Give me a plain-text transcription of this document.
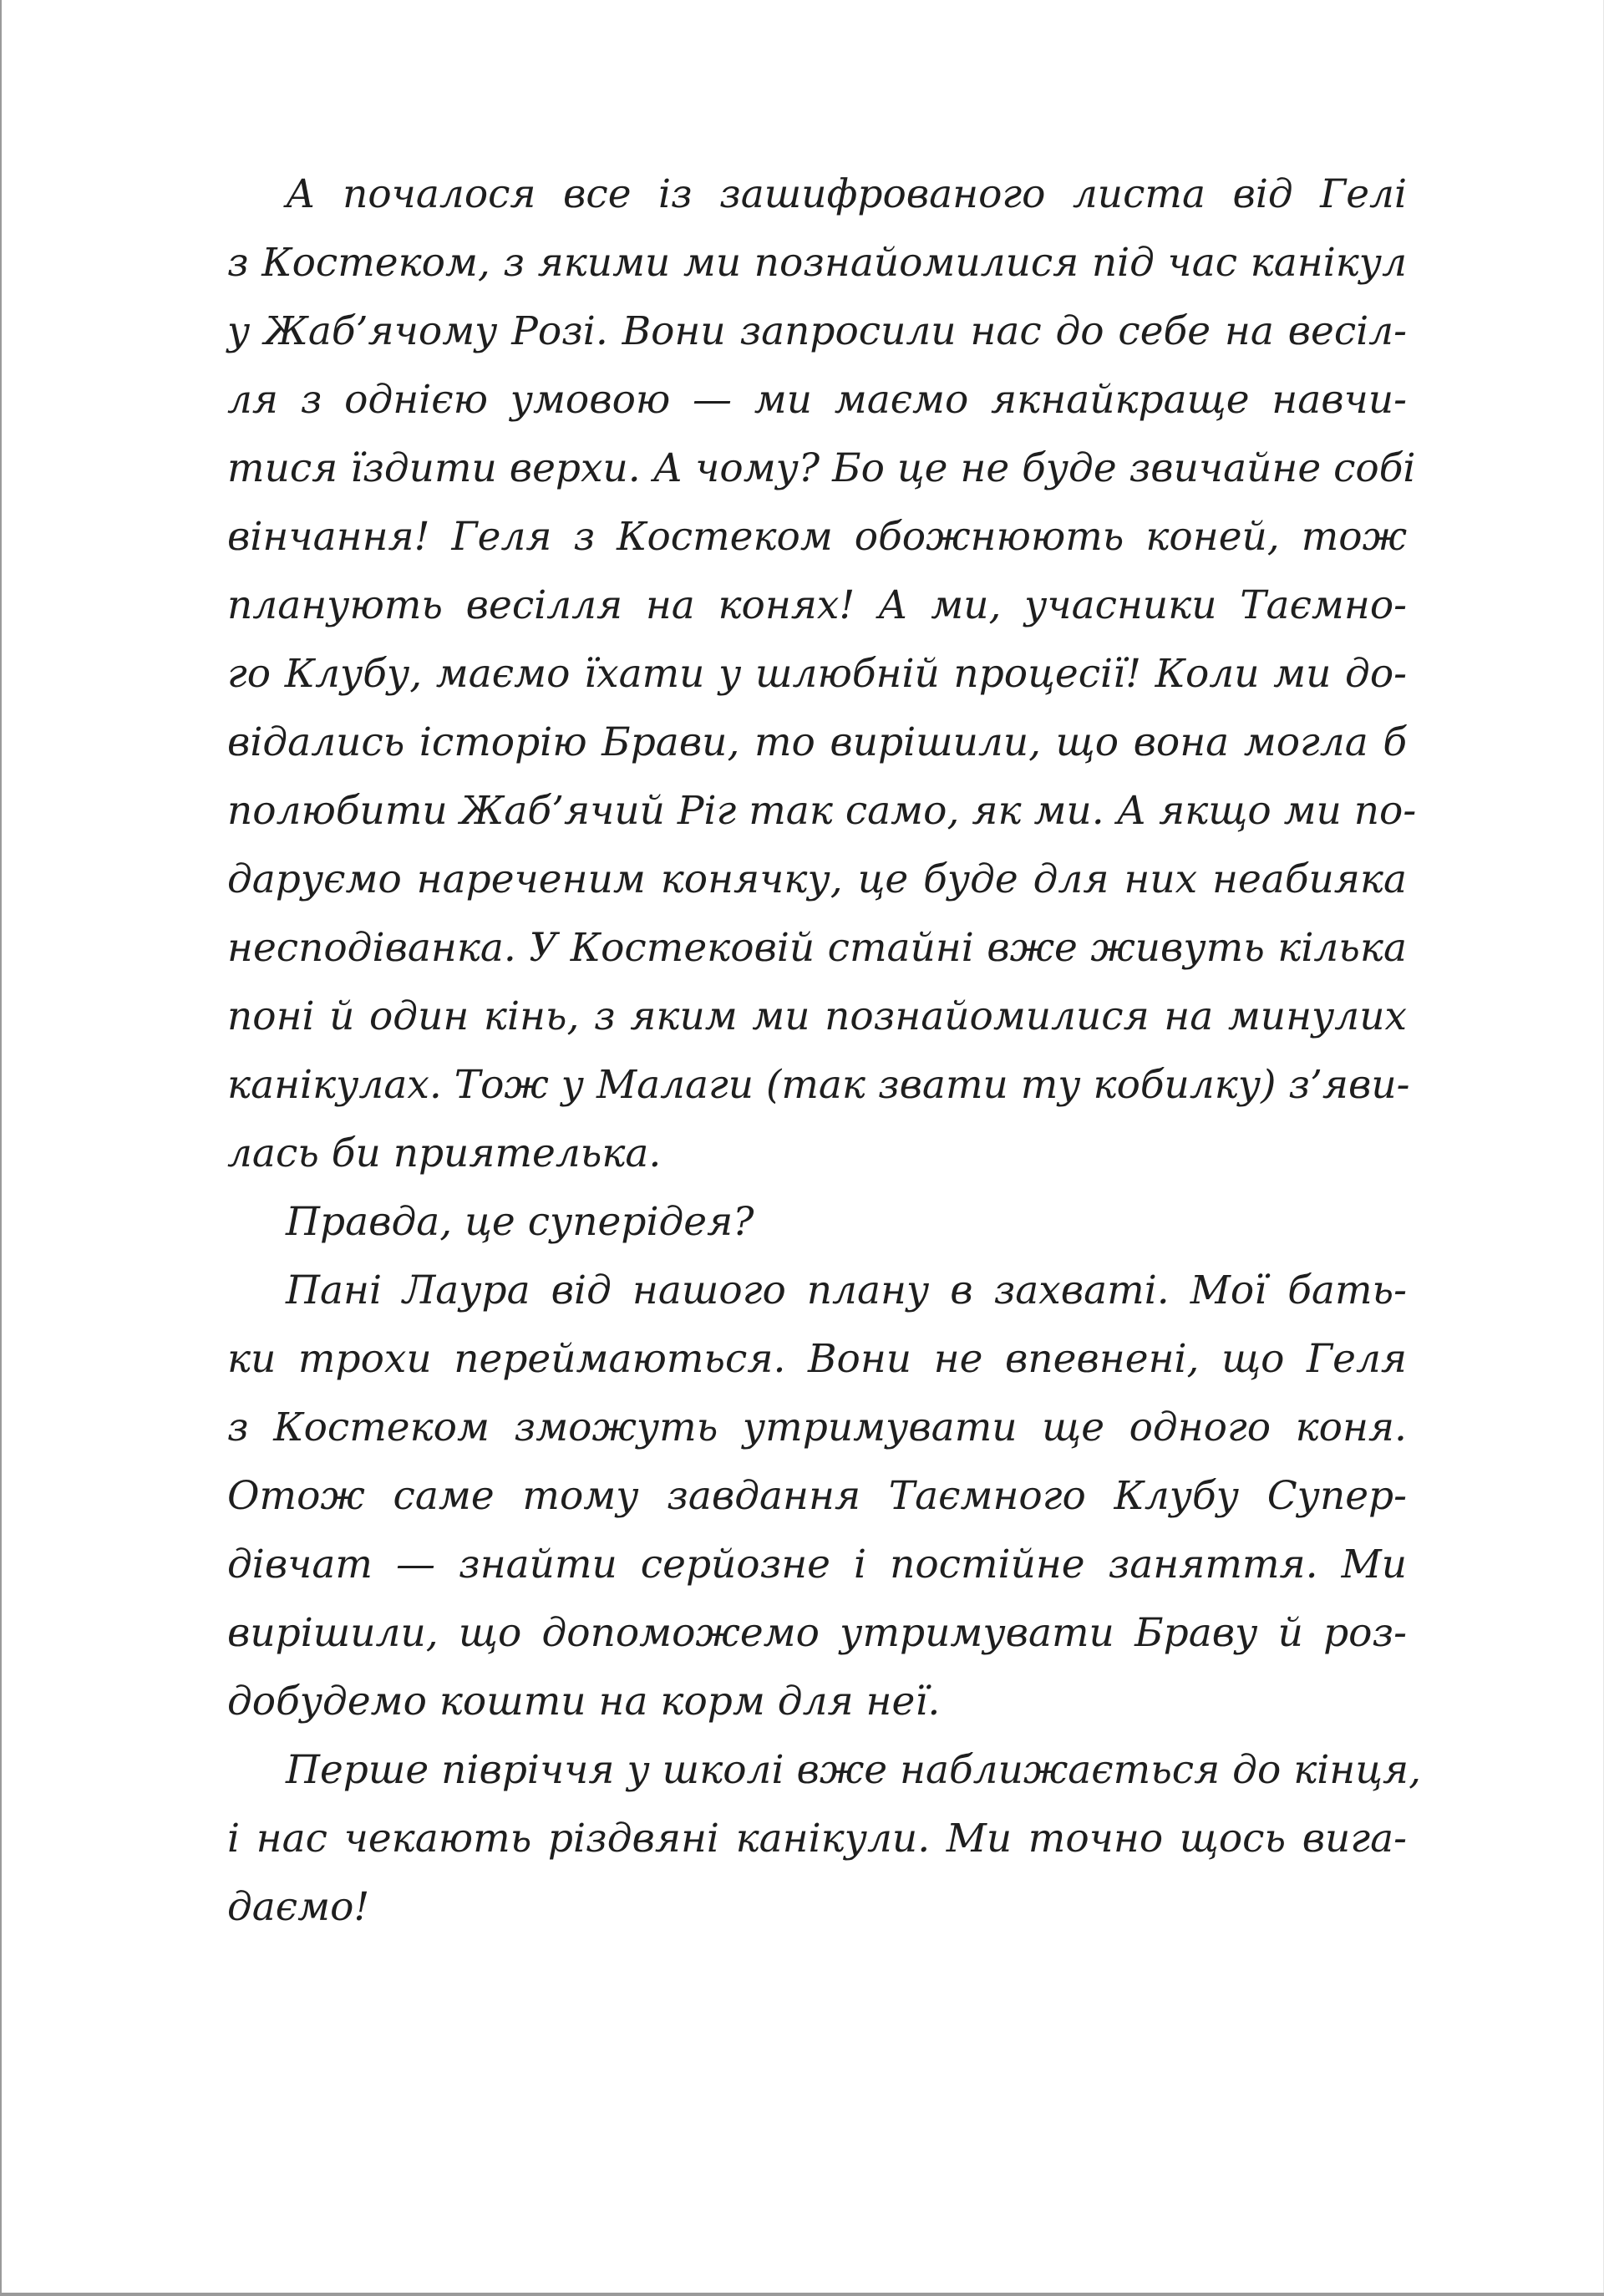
А почалося все із зашифрованого листа від Гелі
з Костеком, з якими ми познайомилися під час канікул
у Жаб’ячому Розі. Вони запросили нас до себе на весіл-
ля з однією умовою — ми маємо якнайкраще навчи-
тися їздити верхи. А чому? Бо це не буде звичайне собі
вінчання! Геля з Костеком обожнюють коней, тож
планують весілля на конях! А ми, учасники Таємно-
го Клубу, маємо їхати у шлюбній процесії! Коли ми до-
відались історію Брави, то вирішили, що вона могла б
полюбити Жаб’ячий Ріг так само, як ми. А якщо ми по-
даруємо нареченим конячку, це буде для них неабияка
несподіванка. У Костековій стайні вже живуть кілька
поні й один кінь, з яким ми познайомилися на минулих
канікулах. Тож у Малаги (так звати ту кобилку) з’яви-
лась би приятелька.
Правда, це суперідея?
Пані Лаура від нашого плану в захваті. Мої бать-
ки трохи переймаються. Вони не впевнені, що Геля
з Костеком зможуть утримувати ще одного коня.
Отож саме тому завдання Таємного Клубу Супер-
дівчат — знайти серйозне і постійне заняття. Ми
вирішили, що допоможемо утримувати Браву й роз-
добудемо кошти на корм для неї.
Перше півріччя у школі вже наближається до кінця,
і нас чекають різдвяні канікули. Ми точно щось вига-
даємо!
